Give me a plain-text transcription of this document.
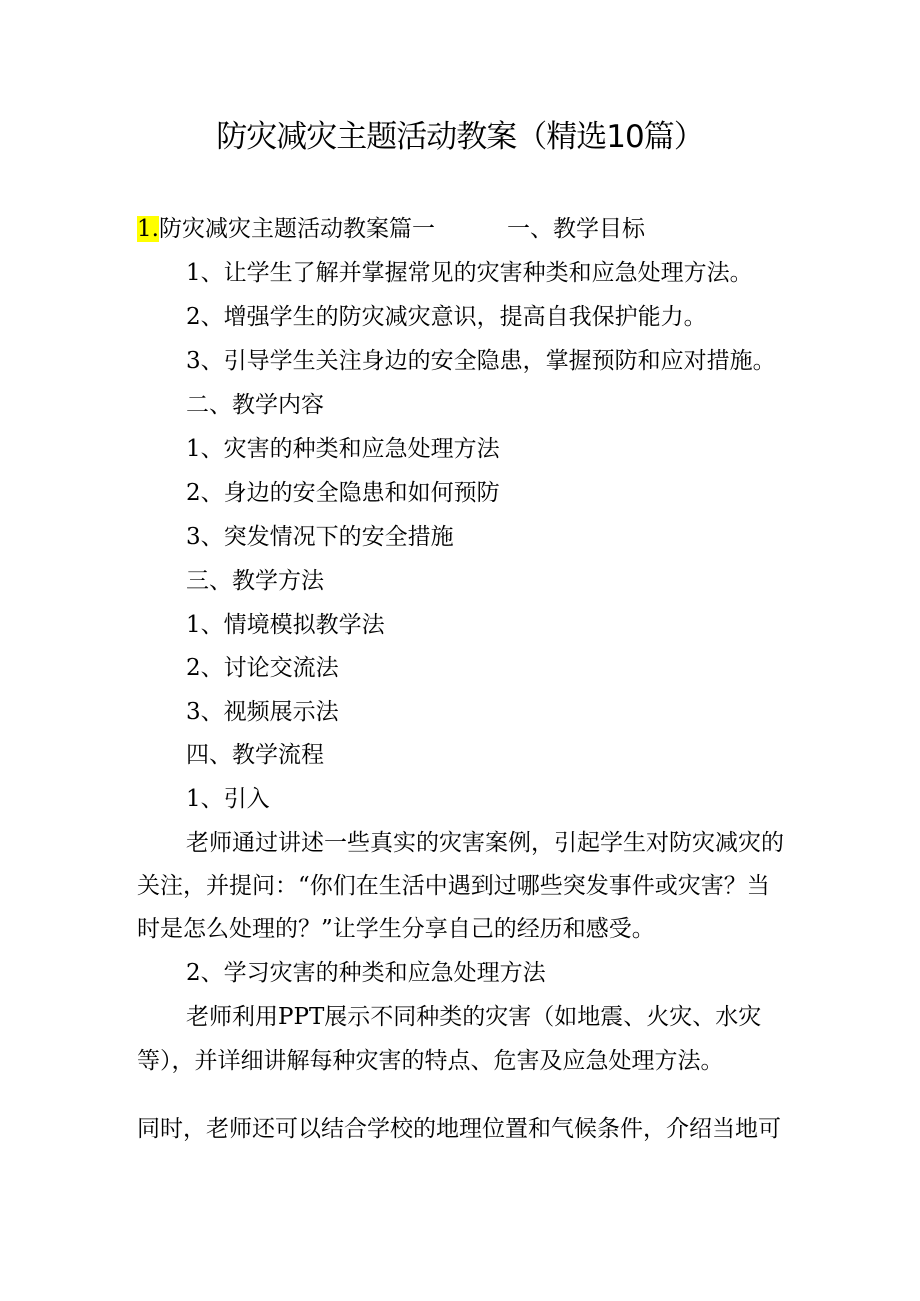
防灾减灾主题活动教案（精选10篇）
1.防灾减灾主题活动教案篇一	一、教学目标
1、让学生了解并掌握常见的灾害种类和应急处理方法。
2、增强学生的防灾减灾意识，提高自我保护能力。
3、引导学生关注身边的安全隐患，掌握预防和应对措施。
二、教学内容
1、灾害的种类和应急处理方法
2、身边的安全隐患和如何预防
3、突发情况下的安全措施
三、教学方法
1、情境模拟教学法
2、讨论交流法
3、视频展示法
四、教学流程
1、引入
老师通过讲述一些真实的灾害案例，引起学生对防灾减灾的
关注，并提问：“你们在生活中遇到过哪些突发事件或灾害？当
时是怎么处理的？”让学生分享自己的经历和感受。
2、学习灾害的种类和应急处理方法
老师利用PPT展示不同种类的灾害（如地震、火灾、水灾
等），并详细讲解每种灾害的特点、危害及应急处理方法。
同时，老师还可以结合学校的地理位置和气候条件，介绍当地可
